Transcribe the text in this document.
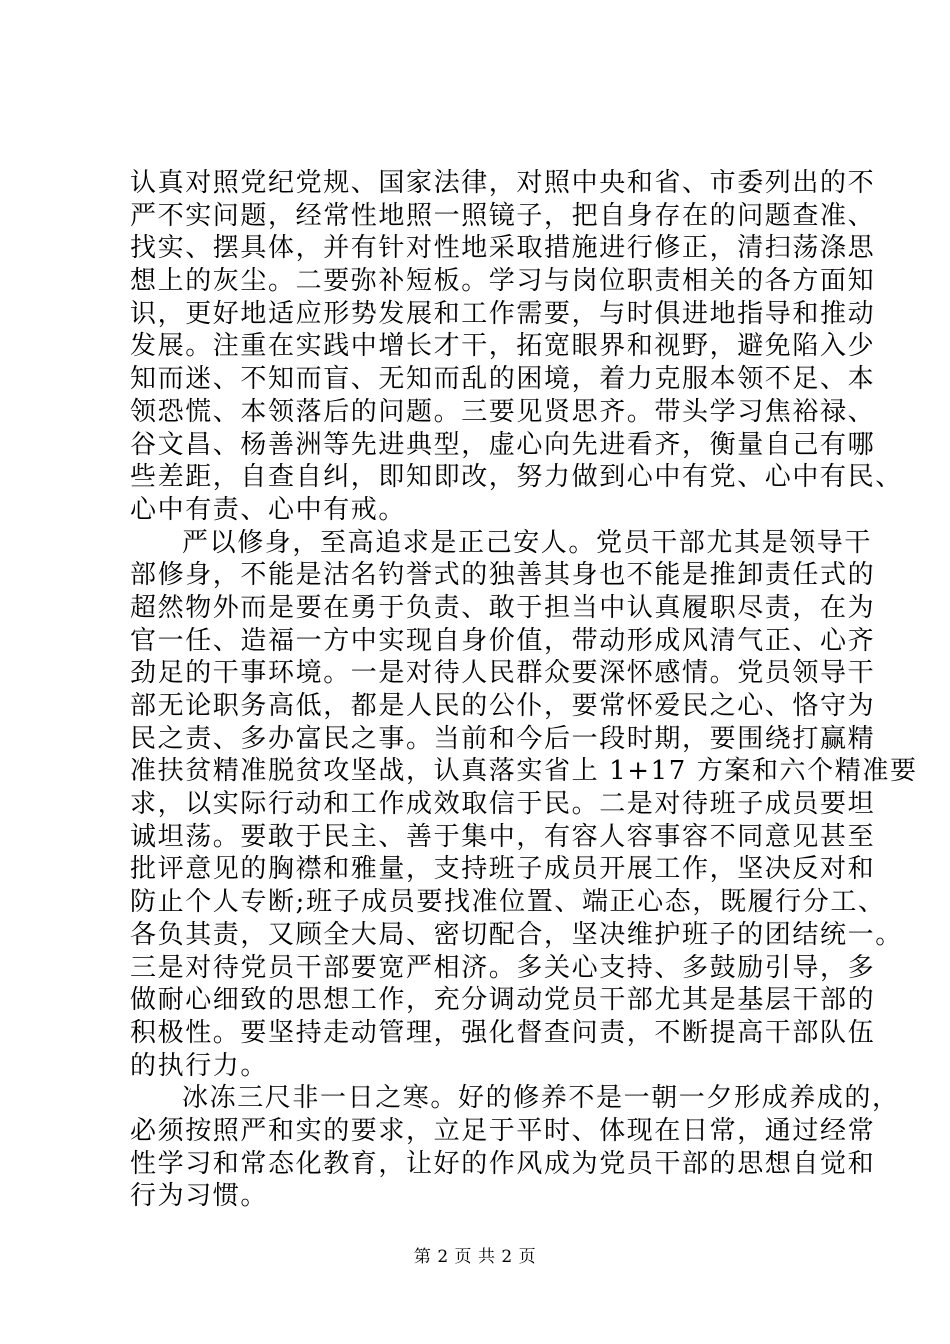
认真对照党纪党规、国家法律，对照中央和省、市委列出的不
严不实问题，经常性地照一照镜子，把自身存在的问题查准、
找实、摆具体，并有针对性地采取措施进行修正，清扫荡涤思
想上的灰尘。二要弥补短板。学习与岗位职责相关的各方面知
识，更好地适应形势发展和工作需要，与时俱进地指导和推动
发展。注重在实践中增长才干，拓宽眼界和视野，避免陷入少
知而迷、不知而盲、无知而乱的困境，着力克服本领不足、本
领恐慌、本领落后的问题。三要见贤思齐。带头学习焦裕禄、
谷文昌、杨善洲等先进典型，虚心向先进看齐，衡量自己有哪
些差距，自查自纠，即知即改，努力做到心中有党、心中有民、
心中有责、心中有戒。
严以修身，至高追求是正己安人。党员干部尤其是领导干
部修身，不能是沽名钓誉式的独善其身也不能是推卸责任式的
超然物外而是要在勇于负责、敢于担当中认真履职尽责，在为
官一任、造福一方中实现自身价值，带动形成风清气正、心齐
劲足的干事环境。一是对待人民群众要深怀感情。党员领导干
部无论职务高低，都是人民的公仆，要常怀爱民之心、恪守为
民之责、多办富民之事。当前和今后一段时期，要围绕打赢精
准扶贫精准脱贫攻坚战，认真落实省上 1+17 方案和六个精准要
求，以实际行动和工作成效取信于民。二是对待班子成员要坦
诚坦荡。要敢于民主、善于集中，有容人容事容不同意见甚至
批评意见的胸襟和雅量，支持班子成员开展工作，坚决反对和
防止个人专断;班子成员要找准位置、端正心态，既履行分工、
各负其责，又顾全大局、密切配合，坚决维护班子的团结统一。
三是对待党员干部要宽严相济。多关心支持、多鼓励引导，多
做耐心细致的思想工作，充分调动党员干部尤其是基层干部的
积极性。要坚持走动管理，强化督查问责，不断提高干部队伍
的执行力。
冰冻三尺非一日之寒。好的修养不是一朝一夕形成养成的，
必须按照严和实的要求，立足于平时、体现在日常，通过经常
性学习和常态化教育，让好的作风成为党员干部的思想自觉和
行为习惯。
第 2 页 共 2 页
